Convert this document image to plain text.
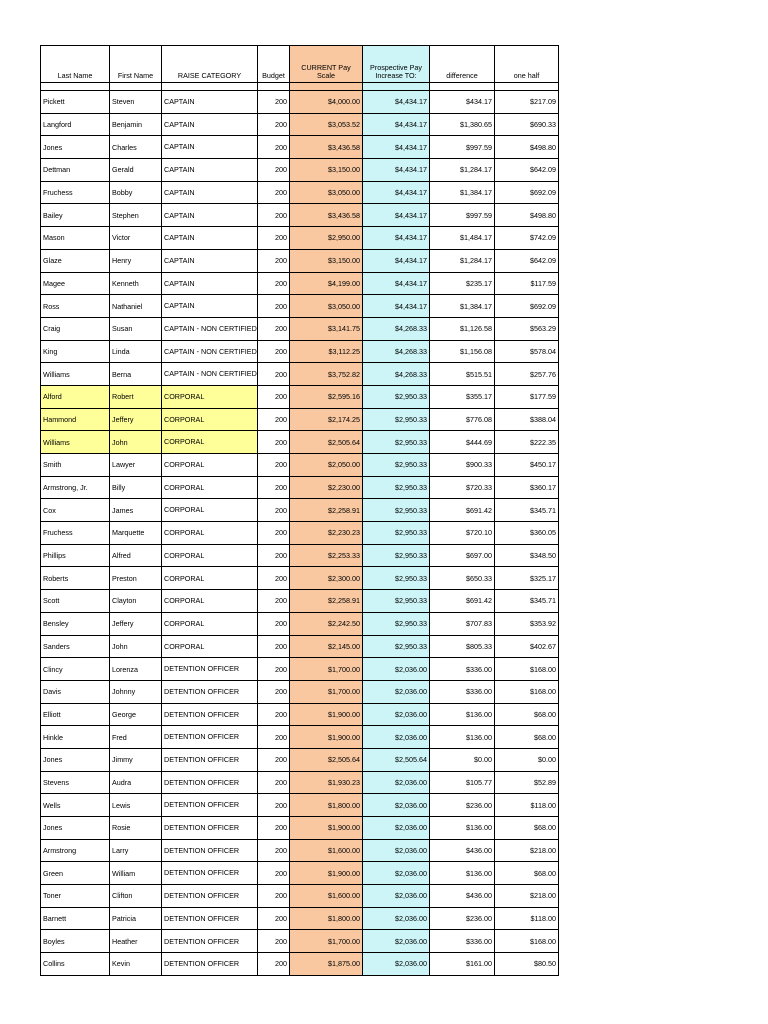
Last Name	First Name	RAISE CATEGORY	Budget	CURRENT Pay Scale	Prospective Pay Increase TO:	difference	one half

Pickett	Steven	CAPTAIN	200	$4,000.00	$4,434.17	$434.17	$217.09
Langford	Benjamin	CAPTAIN	200	$3,053.52	$4,434.17	$1,380.65	$690.33
Jones	Charles	CAPTAIN	200	$3,436.58	$4,434.17	$997.59	$498.80
Dettman	Gerald	CAPTAIN	200	$3,150.00	$4,434.17	$1,284.17	$642.09
Fruchess	Bobby	CAPTAIN	200	$3,050.00	$4,434.17	$1,384.17	$692.09
Bailey	Stephen	CAPTAIN	200	$3,436.58	$4,434.17	$997.59	$498.80
Mason	Victor	CAPTAIN	200	$2,950.00	$4,434.17	$1,484.17	$742.09
Glaze	Henry	CAPTAIN	200	$3,150.00	$4,434.17	$1,284.17	$642.09
Magee	Kenneth	CAPTAIN	200	$4,199.00	$4,434.17	$235.17	$117.59
Ross	Nathaniel	CAPTAIN	200	$3,050.00	$4,434.17	$1,384.17	$692.09
Craig	Susan	CAPTAIN - NON CERTIFIED	200	$3,141.75	$4,268.33	$1,126.58	$563.29
King	Linda	CAPTAIN - NON CERTIFIED	200	$3,112.25	$4,268.33	$1,156.08	$578.04
Williams	Berna	CAPTAIN - NON CERTIFIED	200	$3,752.82	$4,268.33	$515.51	$257.76
Alford	Robert	CORPORAL	200	$2,595.16	$2,950.33	$355.17	$177.59
Hammond	Jeffery	CORPORAL	200	$2,174.25	$2,950.33	$776.08	$388.04
Williams	John	CORPORAL	200	$2,505.64	$2,950.33	$444.69	$222.35
Smith	Lawyer	CORPORAL	200	$2,050.00	$2,950.33	$900.33	$450.17
Armstrong, Jr.	Billy	CORPORAL	200	$2,230.00	$2,950.33	$720.33	$360.17
Cox	James	CORPORAL	200	$2,258.91	$2,950.33	$691.42	$345.71
Fruchess	Marquette	CORPORAL	200	$2,230.23	$2,950.33	$720.10	$360.05
Phillips	Alfred	CORPORAL	200	$2,253.33	$2,950.33	$697.00	$348.50
Roberts	Preston	CORPORAL	200	$2,300.00	$2,950.33	$650.33	$325.17
Scott	Clayton	CORPORAL	200	$2,258.91	$2,950.33	$691.42	$345.71
Bensley	Jeffery	CORPORAL	200	$2,242.50	$2,950.33	$707.83	$353.92
Sanders	John	CORPORAL	200	$2,145.00	$2,950.33	$805.33	$402.67
Clincy	Lorenza	DETENTION OFFICER	200	$1,700.00	$2,036.00	$336.00	$168.00
Davis	Johnny	DETENTION OFFICER	200	$1,700.00	$2,036.00	$336.00	$168.00
Elliott	George	DETENTION OFFICER	200	$1,900.00	$2,036.00	$136.00	$68.00
Hinkle	Fred	DETENTION OFFICER	200	$1,900.00	$2,036.00	$136.00	$68.00
Jones	Jimmy	DETENTION OFFICER	200	$2,505.64	$2,505.64	$0.00	$0.00
Stevens	Audra	DETENTION OFFICER	200	$1,930.23	$2,036.00	$105.77	$52.89
Wells	Lewis	DETENTION OFFICER	200	$1,800.00	$2,036.00	$236.00	$118.00
Jones	Rosie	DETENTION OFFICER	200	$1,900.00	$2,036.00	$136.00	$68.00
Armstrong	Larry	DETENTION OFFICER	200	$1,600.00	$2,036.00	$436.00	$218.00
Green	William	DETENTION OFFICER	200	$1,900.00	$2,036.00	$136.00	$68.00
Toner	Clifton	DETENTION OFFICER	200	$1,600.00	$2,036.00	$436.00	$218.00
Barnett	Patricia	DETENTION OFFICER	200	$1,800.00	$2,036.00	$236.00	$118.00
Boyles	Heather	DETENTION OFFICER	200	$1,700.00	$2,036.00	$336.00	$168.00
Collins	Kevin	DETENTION OFFICER	200	$1,875.00	$2,036.00	$161.00	$80.50
